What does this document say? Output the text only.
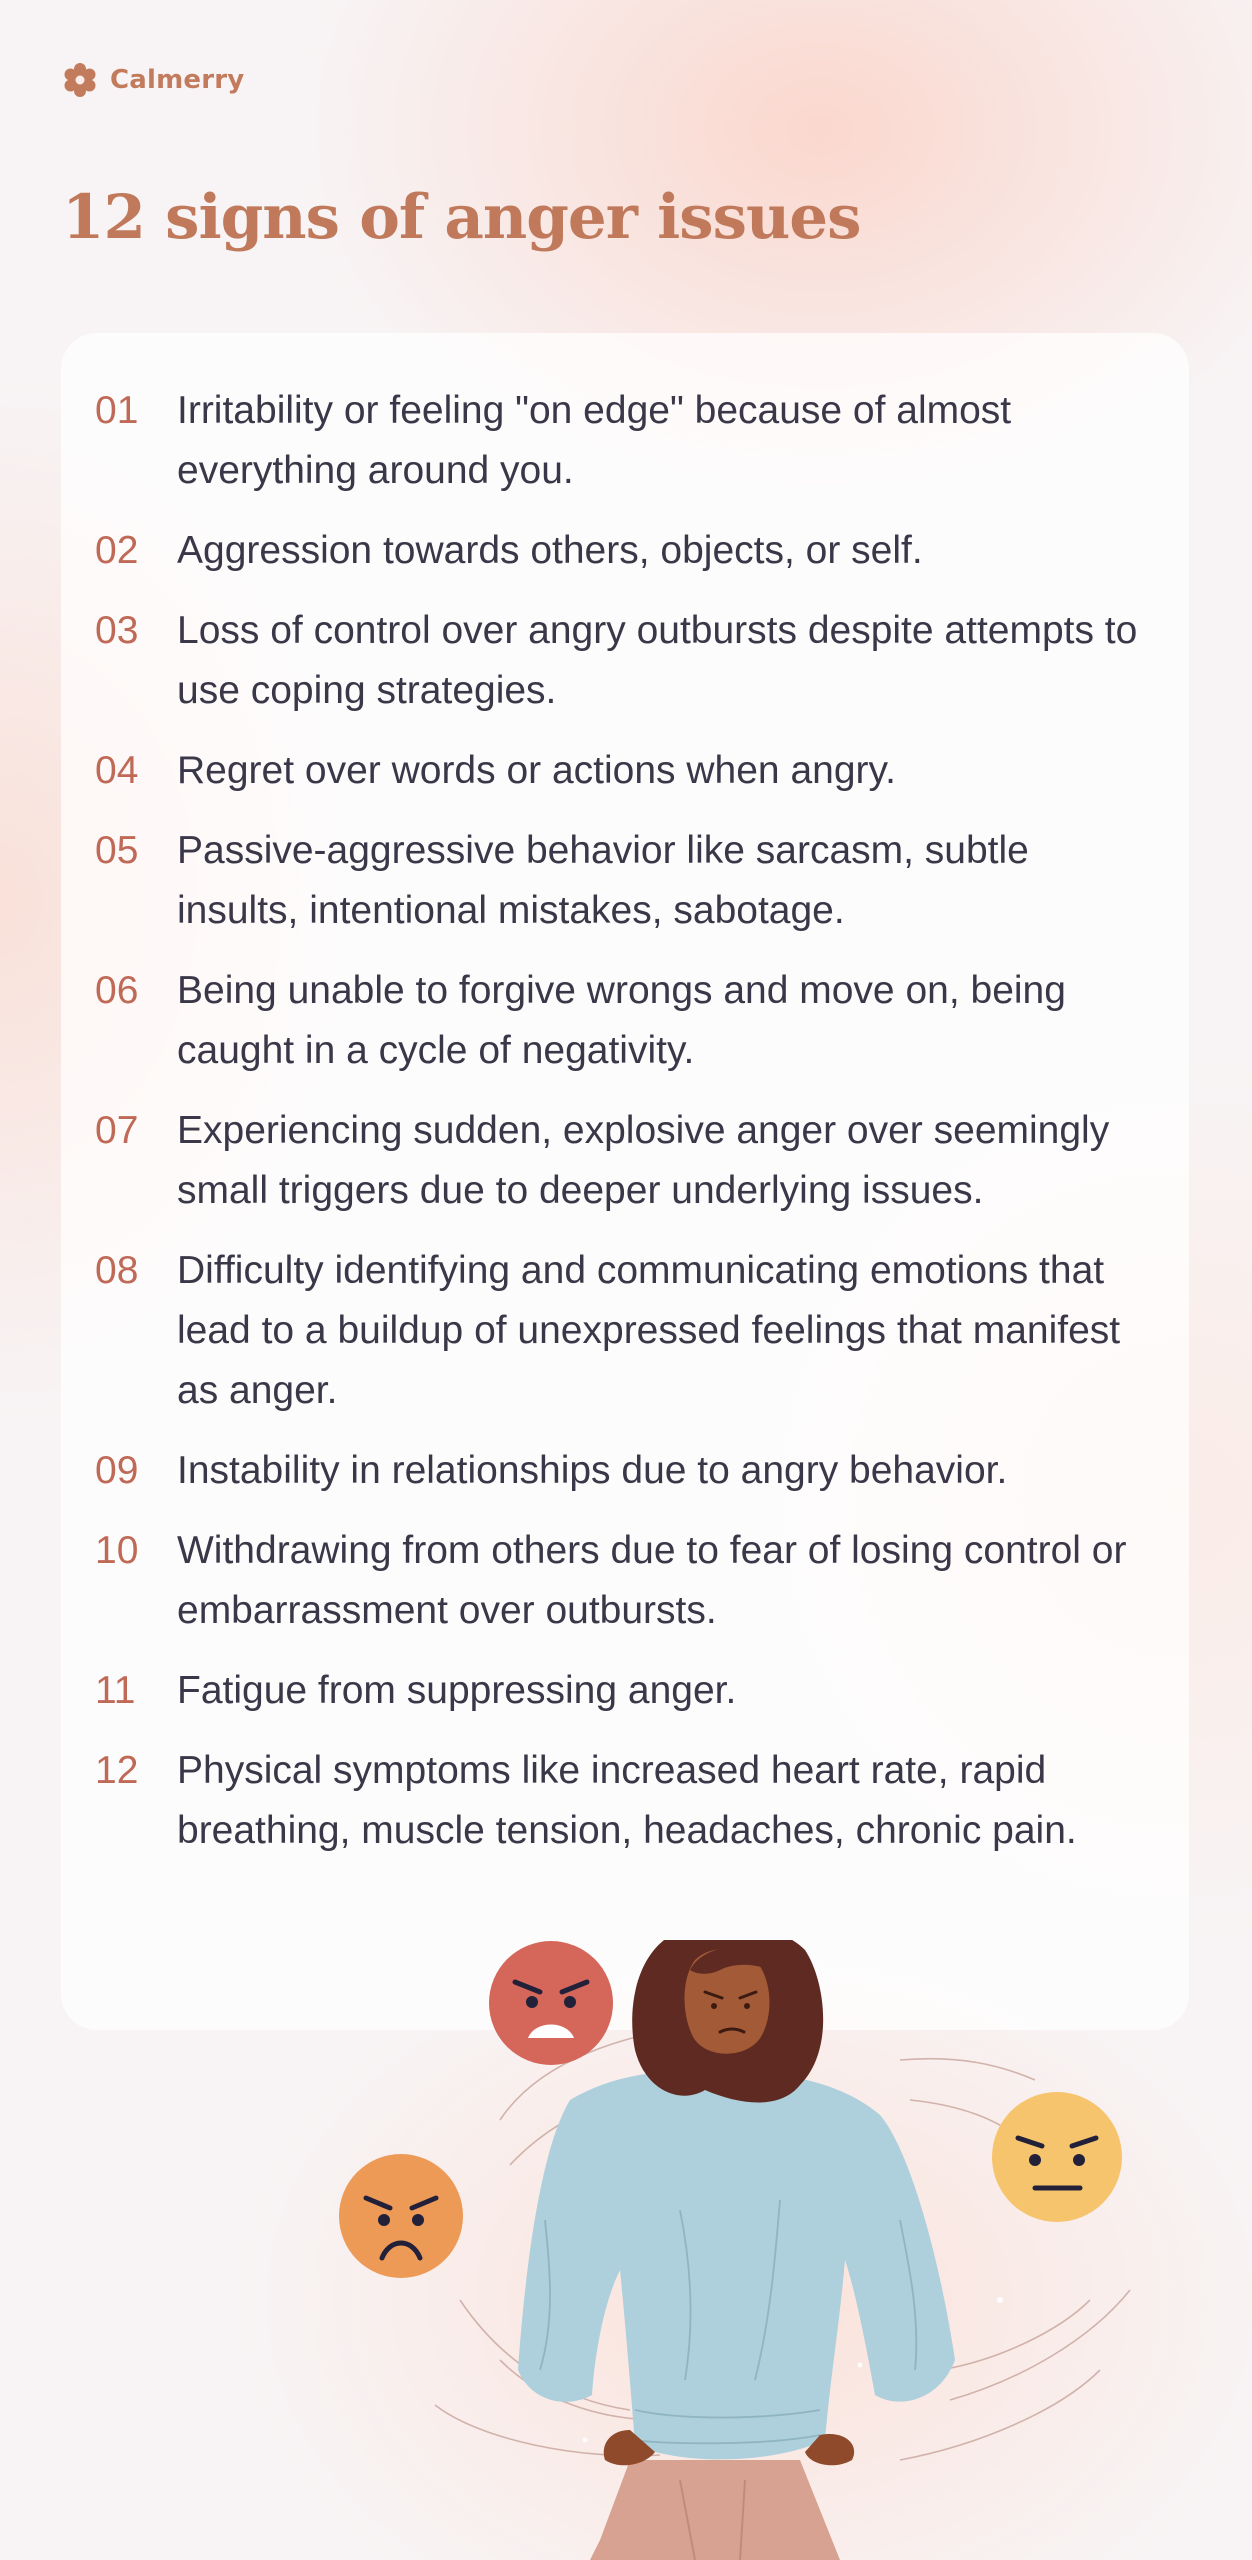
Calmerry
12 signs of anger issues
01 Irritability or feeling "on edge" because of almost everything around you.
02 Aggression towards others, objects, or self.
03 Loss of control over angry outbursts despite attempts to use coping strategies.
04 Regret over words or actions when angry.
05 Passive-aggressive behavior like sarcasm, subtle insults, intentional mistakes, sabotage.
06 Being unable to forgive wrongs and move on, being caught in a cycle of negativity.
07 Experiencing sudden, explosive anger over seemingly small triggers due to deeper underlying issues.
08 Difficulty identifying and communicating emotions that lead to a buildup of unexpressed feelings that manifest as anger.
09 Instability in relationships due to angry behavior.
10 Withdrawing from others due to fear of losing control or embarrassment over outbursts.
11	Fatigue from suppressing anger.
12 Physical symptoms like increased heart rate, rapid breathing, muscle tension, headaches, chronic pain.
